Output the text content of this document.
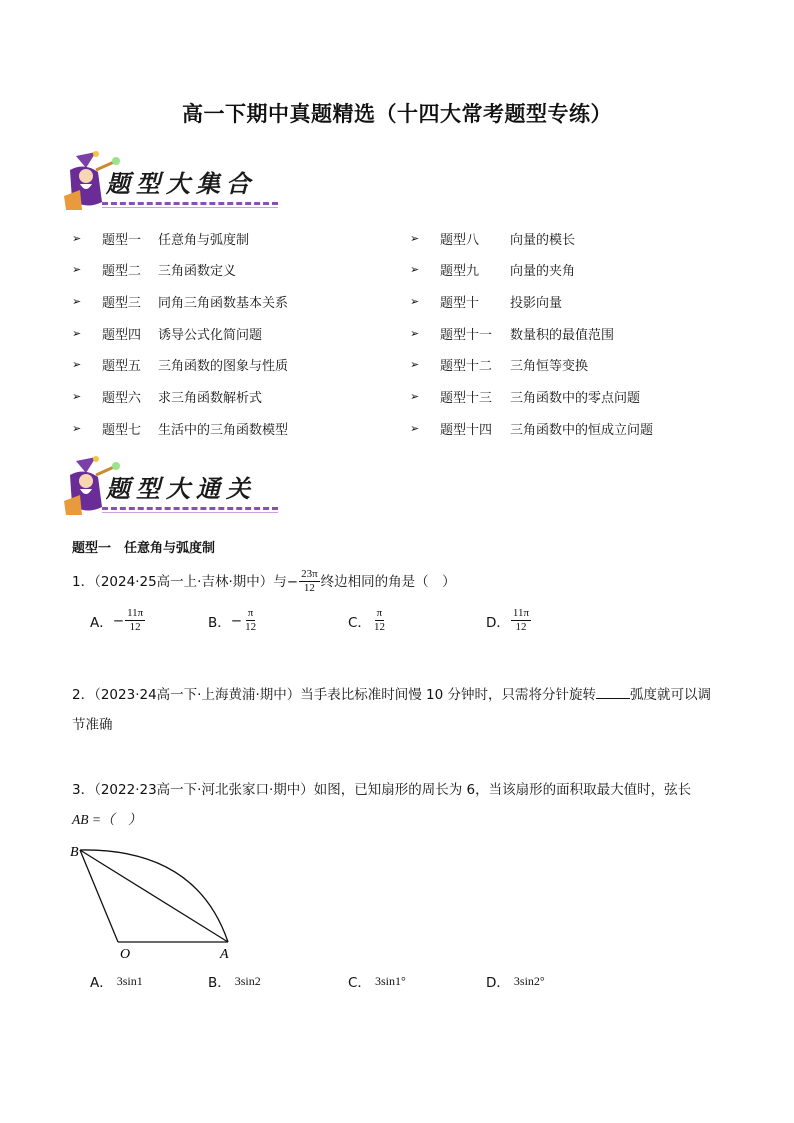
高一下期中真题精选（十四大常考题型专练）
题型大集合
➢	题型一	任意角与弧度制
➢	题型二	三角函数定义
➢	题型三	同角三角函数基本关系
➢	题型四	诱导公式化简问题
➢	题型五	三角函数的图象与性质
➢	题型六	求三角函数解析式
➢	题型七	生活中的三角函数模型
➢	题型八	向量的模长
➢	题型九	向量的夹角
➢	题型十	投影向量
➢	题型十一	数量积的最值范围
➢	题型十二	三角恒等变换
➢	题型十三	三角函数中的零点问题
➢	题型十四	三角函数中的恒成立问题
题型大通关
题型一　任意角与弧度制
1．（2024·25高一上·吉林·期中）与 − $\frac{23\pi}{12}$ 终边相同的角是（　）
A． − $\frac{11\pi}{12}$	B． − $\frac{\pi}{12}$	C． $\frac{\pi}{12}$	D． $\frac{11\pi}{12}$
2．（2023·24高一下·上海黄浦·期中）当手表比标准时间慢 10 分钟时，只需将分针旋转	弧度就可以调
节准确
3．（2022·23高一下·河北张家口·期中）如图，已知扇形的周长为 6，当该扇形的面积取最大值时，弦长
AB =（　）
B
O	A
A． 3sin1	B． 3sin2	C． 3sin1°	D． 3sin2°
